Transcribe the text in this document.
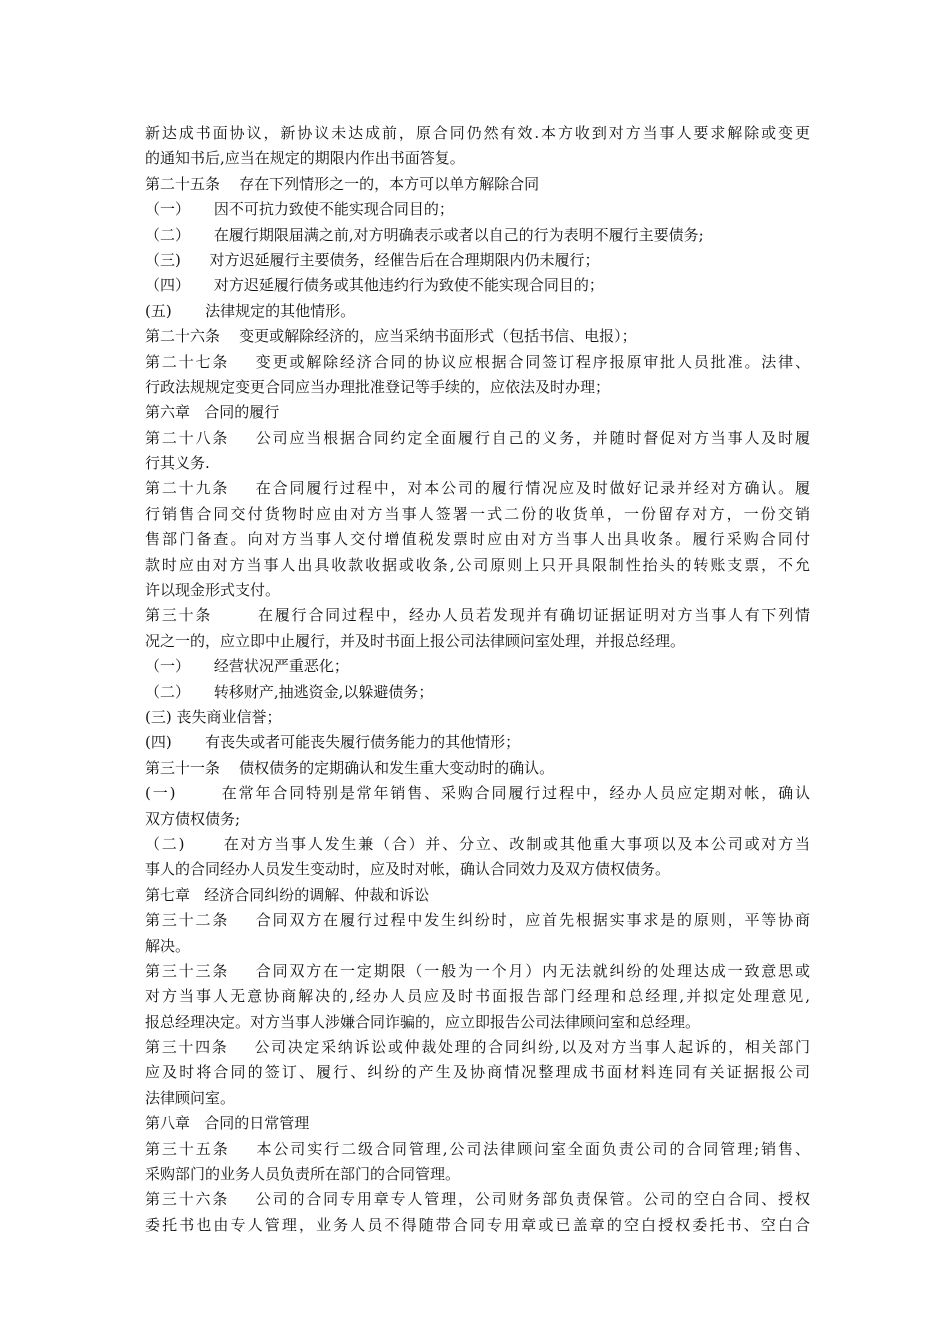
新达成书面协议，新协议未达成前，原合同仍然有效.本方收到对方当事人要求解除或变更
的通知书后,应当在规定的期限内作出书面答复。
第二十五条    存在下列情形之一的，本方可以单方解除合同
（一）     因不可抗力致使不能实现合同目的；
（二）     在履行期限届满之前,对方明确表示或者以自己的行为表明不履行主要债务;
（三)      对方迟延履行主要债务，经催告后在合理期限内仍未履行；
（四）     对方迟延履行债务或其他违约行为致使不能实现合同目的；
(五)       法律规定的其他情形。
第二十六条    变更或解除经济的，应当采纳书面形式（包括书信、电报）；
第二十七条    变更或解除经济合同的协议应根据合同签订程序报原审批人员批准。法律、
行政法规规定变更合同应当办理批准登记等手续的，应依法及时办理；
第六章   合同的履行
第二十八条    公司应当根据合同约定全面履行自己的义务，并随时督促对方当事人及时履
行其义务.
第二十九条    在合同履行过程中，对本公司的履行情况应及时做好记录并经对方确认。履
行销售合同交付货物时应由对方当事人签署一式二份的收货单，一份留存对方，一份交销
售部门备查。向对方当事人交付增值税发票时应由对方当事人出具收条。履行采购合同付
款时应由对方当事人出具收款收据或收条,公司原则上只开具限制性抬头的转账支票，不允
许以现金形式支付。
第三十条       在履行合同过程中，经办人员若发现并有确切证据证明对方当事人有下列情
况之一的，应立即中止履行，并及时书面上报公司法律顾问室处理，并报总经理。
（一）     经营状况严重恶化；
（二）     转移财产,抽逃资金,以躲避债务；
(三) 丧失商业信誉；
(四)       有丧失或者可能丧失履行债务能力的其他情形；
第三十一条    债权债务的定期确认和发生重大变动时的确认。
(一)       在常年合同特别是常年销售、采购合同履行过程中，经办人员应定期对帐，确认
双方债权债务;
（二)      在对方当事人发生兼（合）并、分立、改制或其他重大事项以及本公司或对方当
事人的合同经办人员发生变动时，应及时对帐，确认合同效力及双方债权债务。
第七章   经济合同纠纷的调解、仲裁和诉讼
第三十二条    合同双方在履行过程中发生纠纷时，应首先根据实事求是的原则，平等协商
解决。
第三十三条    合同双方在一定期限（一般为一个月）内无法就纠纷的处理达成一致意思或
对方当事人无意协商解决的,经办人员应及时书面报告部门经理和总经理,并拟定处理意见,
报总经理决定。对方当事人涉嫌合同诈骗的，应立即报告公司法律顾问室和总经理。
第三十四条    公司决定采纳诉讼或仲裁处理的合同纠纷,以及对方当事人起诉的，相关部门
应及时将合同的签订、履行、纠纷的产生及协商情况整理成书面材料连同有关证据报公司
法律顾问室。
第八章   合同的日常管理
第三十五条    本公司实行二级合同管理,公司法律顾问室全面负责公司的合同管理;销售、
采购部门的业务人员负责所在部门的合同管理。
第三十六条    公司的合同专用章专人管理，公司财务部负责保管。公司的空白合同、授权
委托书也由专人管理，业务人员不得随带合同专用章或已盖章的空白授权委托书、空白合
